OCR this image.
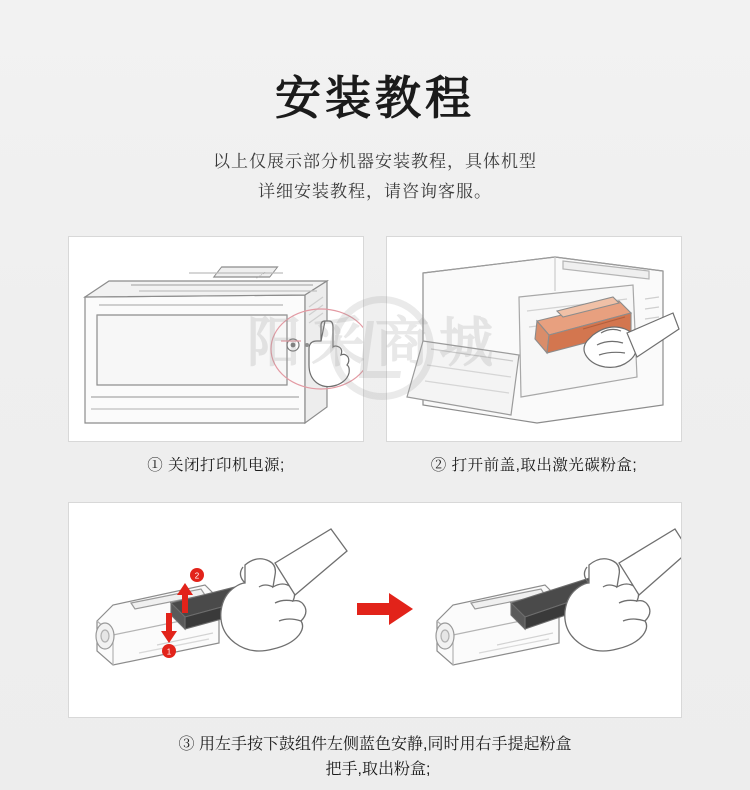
安装教程
以上仅展示部分机器安装教程，具体机型
详细安装教程，请咨询客服。
阳采商城
▪ ▪ ▪ ▪ ▪ ▪
① 关闭打印机电源;	② 打开前盖,取出激光碳粉盒;
2
1
③ 用左手按下鼓组件左侧蓝色安静,同时用右手提起粉盒
把手,取出粉盒;
